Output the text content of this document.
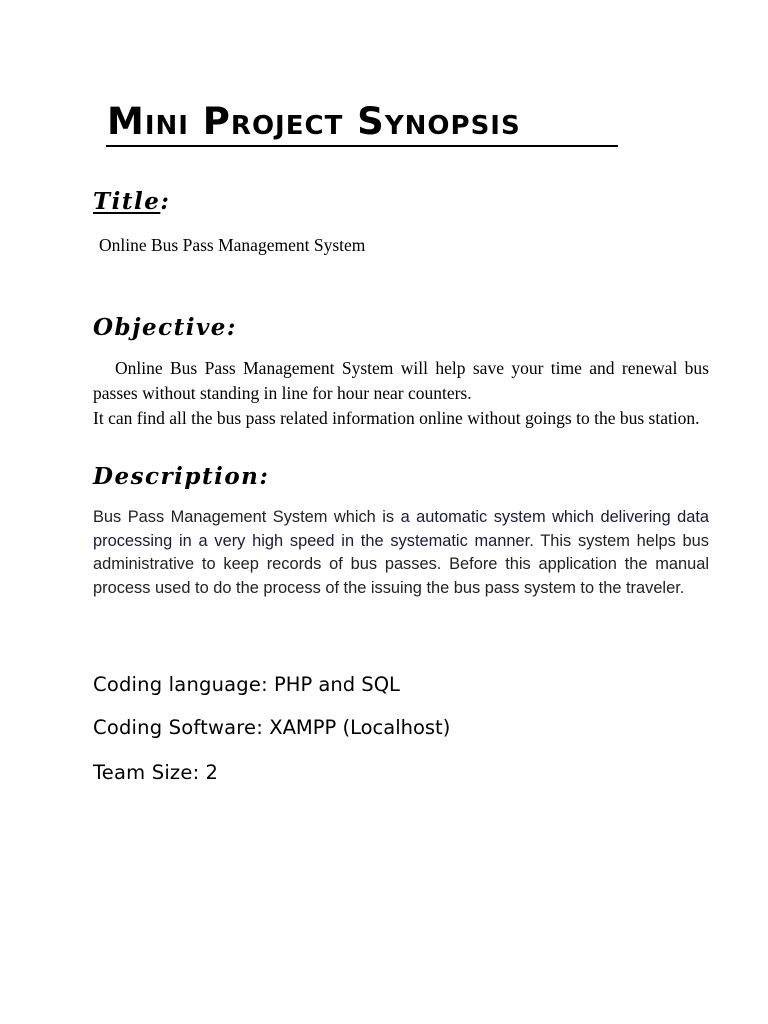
Mini Project Synopsis
Title:
Online Bus Pass Management System
Objective:

Online Bus Pass Management System will help save your time and renewal bus passes without standing in line for hour near counters.

It can find all the bus pass related information online without goings to the bus station.

Description:

Bus Pass Management System which is a automatic system which delivering data processing in a very high speed in the systematic manner. This system helps bus administrative to keep records of bus passes. Before this application the manual process used to do the process of the issuing the bus pass system to the traveler.

Coding language: PHP and SQL

Coding Software: XAMPP (Localhost)

Team Size: 2
